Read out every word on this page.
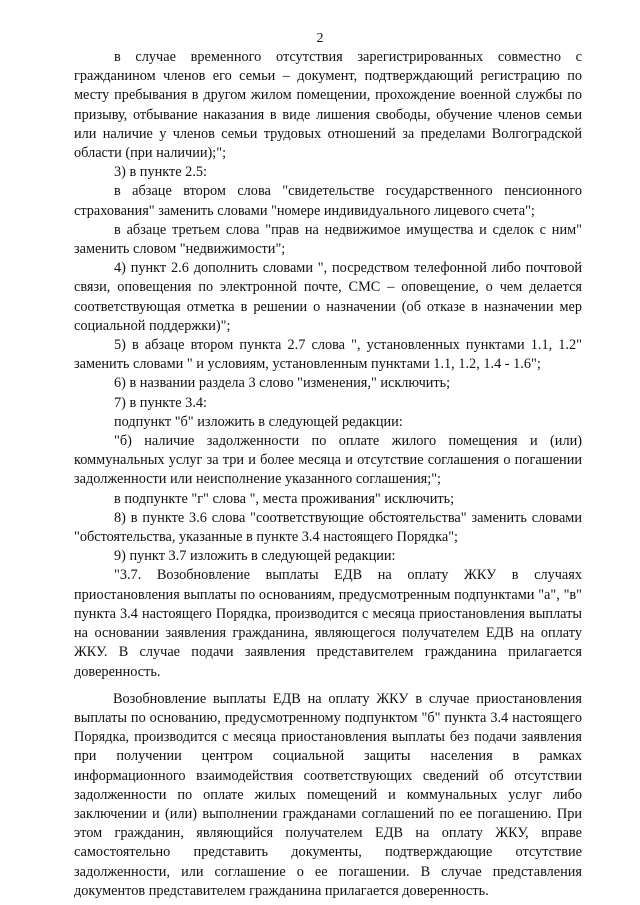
2

в случае временного отсутствия зарегистрированных совместно с гражданином членов его семьи – документ, подтверждающий регистрацию по месту пребывания в другом жилом помещении, прохождение военной службы по призыву, отбывание наказания в виде лишения свободы, обучение членов семьи или наличие у членов семьи трудовых отношений за пределами Волгоградской области (при наличии);";

3) в пункте 2.5:

в абзаце втором слова "свидетельстве государственного пенсионного страхования" заменить словами "номере индивидуального лицевого счета";

в абзаце третьем слова "прав на недвижимое имущества и сделок с ним" заменить словом "недвижимости";

4) пункт 2.6 дополнить словами ", посредством телефонной либо почтовой связи, оповещения по электронной почте, СМС – оповещение, о чем делается соответствующая отметка в решении о назначении (об отказе в назначении мер социальной поддержки)";

5) в абзаце втором пункта 2.7 слова ", установленных пунктами 1.1, 1.2" заменить словами " и условиям, установленным пунктами 1.1, 1.2, 1.4 - 1.6";

6) в названии раздела 3 слово "изменения," исключить;

7) в пункте 3.4:

подпункт "б" изложить в следующей редакции:

"б) наличие задолженности по оплате жилого помещения и (или) коммунальных услуг за три и более месяца и отсутствие соглашения о погашении задолженности или неисполнение указанного соглашения;";

в подпункте "г" слова ", места проживания" исключить;

8) в пункте 3.6 слова "соответствующие обстоятельства" заменить словами "обстоятельства, указанные в пункте 3.4 настоящего Порядка";

9) пункт 3.7 изложить в следующей редакции:

"3.7. Возобновление выплаты ЕДВ на оплату ЖКУ в случаях приостановления выплаты по основаниям, предусмотренным подпунктами "а", "в" пункта 3.4 настоящего Порядка, производится с месяца приостановления выплаты на основании заявления гражданина, являющегося получателем ЕДВ на оплату ЖКУ. В случае подачи заявления представителем гражданина прилагается доверенность.

Возобновление выплаты ЕДВ на оплату ЖКУ в случае приостановления выплаты по основанию, предусмотренному подпунктом "б" пункта 3.4 настоящего Порядка, производится с месяца приостановления выплаты без подачи заявления при получении центром социальной защиты населения в рамках информационного взаимодействия соответствующих сведений об отсутствии задолженности по оплате жилых помещений и коммунальных услуг либо заключении и (или) выполнении гражданами соглашений по ее погашению. При этом гражданин, являющийся получателем ЕДВ на оплату ЖКУ, вправе самостоятельно представить документы, подтверждающие отсутствие задолженности, или соглашение о ее погашении. В случае представления документов представителем гражданина прилагается доверенность.
